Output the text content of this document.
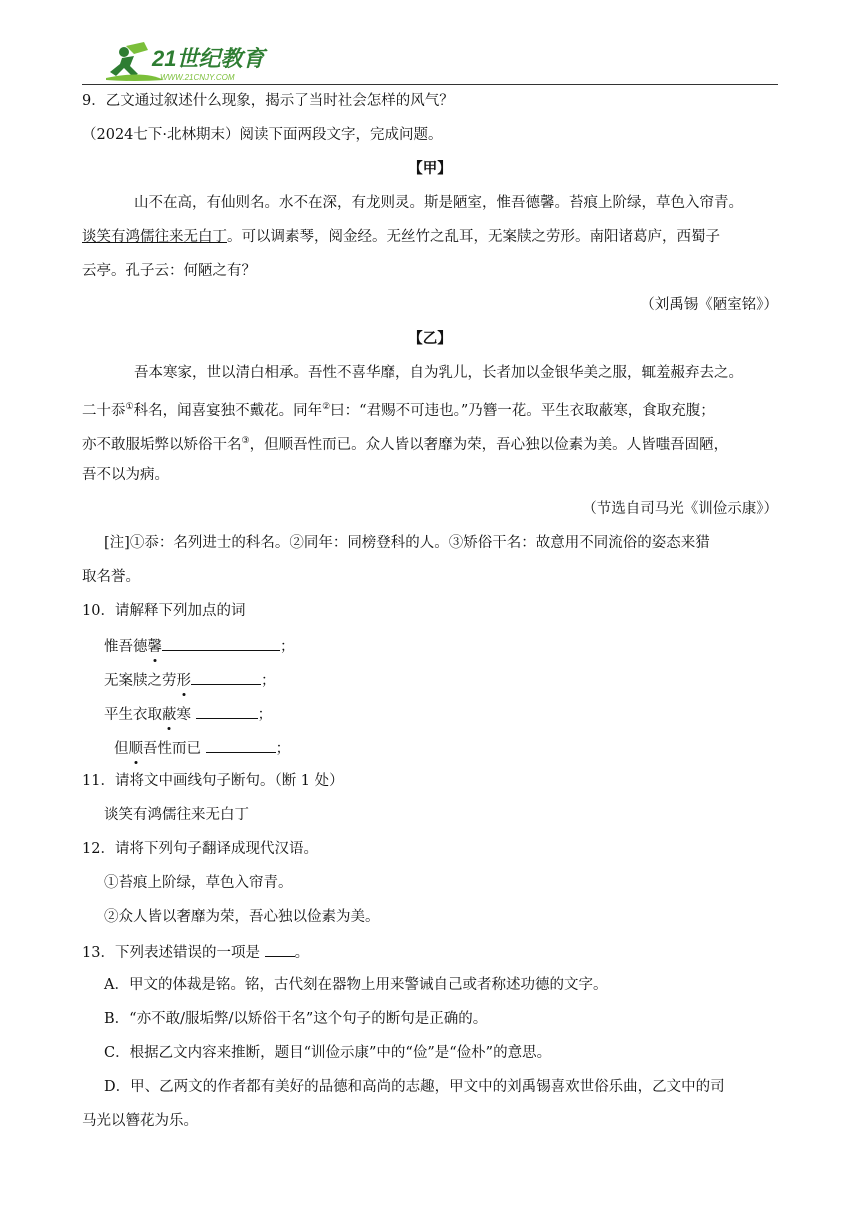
21世纪教育
WWW.21CNJY.COM
9．乙文通过叙述什么现象，揭示了当时社会怎样的风气？
（2024七下·北林期末）阅读下面两段文字，完成问题。
【甲】
山不在高，有仙则名。水不在深，有龙则灵。斯是陋室，惟吾德馨。苔痕上阶绿，草色入帘青。
谈笑有鸿儒往来无白丁。可以调素琴，阅金经。无丝竹之乱耳，无案牍之劳形。南阳诸葛庐，西蜀子
云亭。孔子云：何陋之有？
（刘禹锡《陋室铭》）
【乙】
吾本寒家，世以清白相承。吾性不喜华靡，自为乳儿，长者加以金银华美之服，辄羞赧弃去之。
二十忝①科名，闻喜宴独不戴花。同年②曰：“君赐不可违也。”乃簪一花。平生衣取蔽寒，食取充腹；
亦不敢服垢弊以矫俗干名③，但顺吾性而已。众人皆以奢靡为荣，吾心独以俭素为美。人皆嗤吾固陋，
吾不以为病。
（节选自司马光《训俭示康》）
[注]①忝：名列进士的科名。②同年：同榜登科的人。③矫俗干名：故意用不同流俗的姿态来猎
取名誉。
10．请解释下列加点的词
惟吾德馨	；
无案牍之劳形	；
平生衣取蔽寒	；
但顺吾性而已	；
11．请将文中画线句子断句。（断 1 处）
谈笑有鸿儒往来无白丁
12．请将下列句子翻译成现代汉语。
①苔痕上阶绿，草色入帘青。
②众人皆以奢靡为荣，吾心独以俭素为美。
13．下列表述错误的一项是 。
A．甲文的体裁是铭。铭，古代刻在器物上用来警诫自己或者称述功德的文字。
B．“亦不敢/服垢弊/以矫俗干名”这个句子的断句是正确的。
C．根据乙文内容来推断，题目“训俭示康”中的“俭”是“俭朴”的意思。
D．甲、乙两文的作者都有美好的品德和高尚的志趣，甲文中的刘禹锡喜欢世俗乐曲，乙文中的司
马光以簪花为乐。
